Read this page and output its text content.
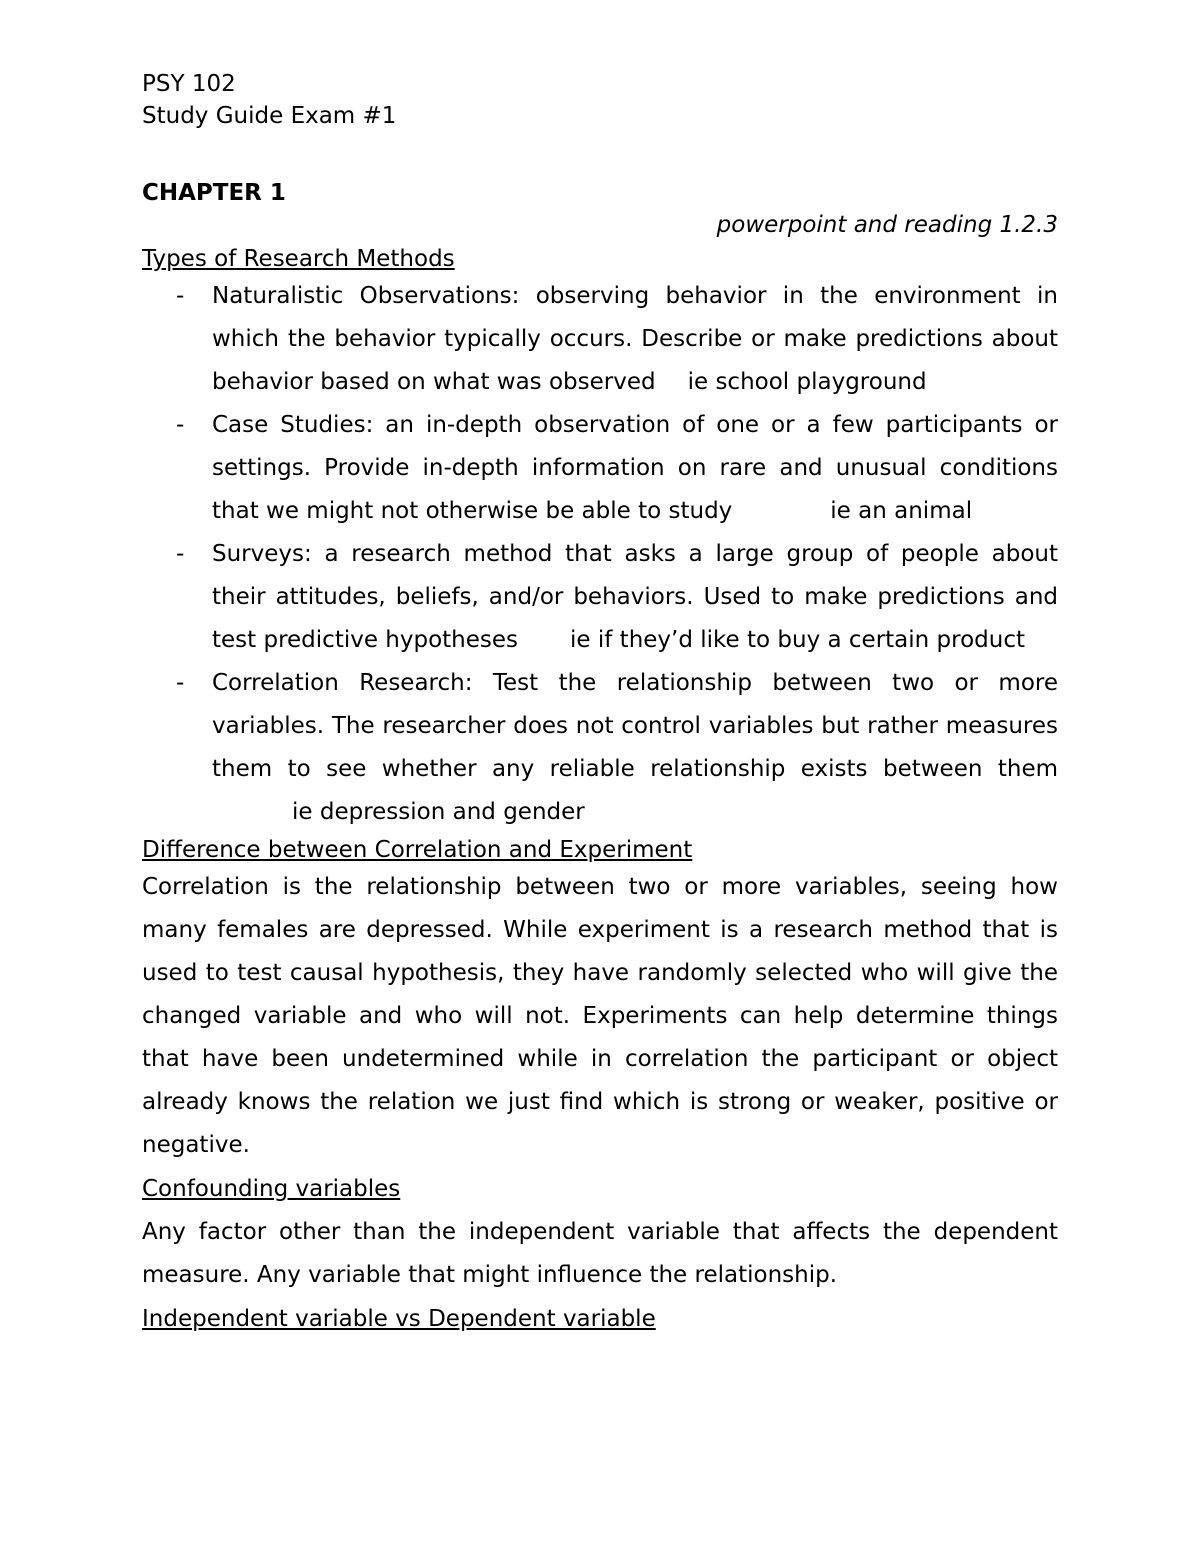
PSY 102

Study Guide Exam #1

CHAPTER 1
powerpoint and reading 1.2.3
Types of Research Methods
- Naturalistic Observations: observing behavior in the environment in which the behavior typically occurs. Describe or make predictions about behavior based on what was observed ie school playground
- Case Studies: an in-depth observation of one or a few participants or settings. Provide in-depth information on rare and unusual conditions that we might not otherwise be able to study	ie an animal
- Surveys: a research method that asks a large group of people about their attitudes, beliefs, and/or behaviors. Used to make predictions and test predictive hypotheses ie if they’d like to buy a certain product
- Correlation Research: Test the relationship between two or more variables. The researcher does not control variables but rather measures them to see whether any reliable relationship exists between themie depression and gender
Difference between Correlation and Experiment

Correlation is the relationship between two or more variables, seeing how many females are depressed. While experiment is a research method that is used to test causal hypothesis, they have randomly selected who will give the changed variable and who will not. Experiments can help determine things that have been undetermined while in correlation the participant or object already knows the relation we just find which is strong or weaker, positive or negative.

Confounding variables

Any factor other than the independent variable that affects the dependent measure. Any variable that might influence the relationship.

Independent variable vs Dependent variable
